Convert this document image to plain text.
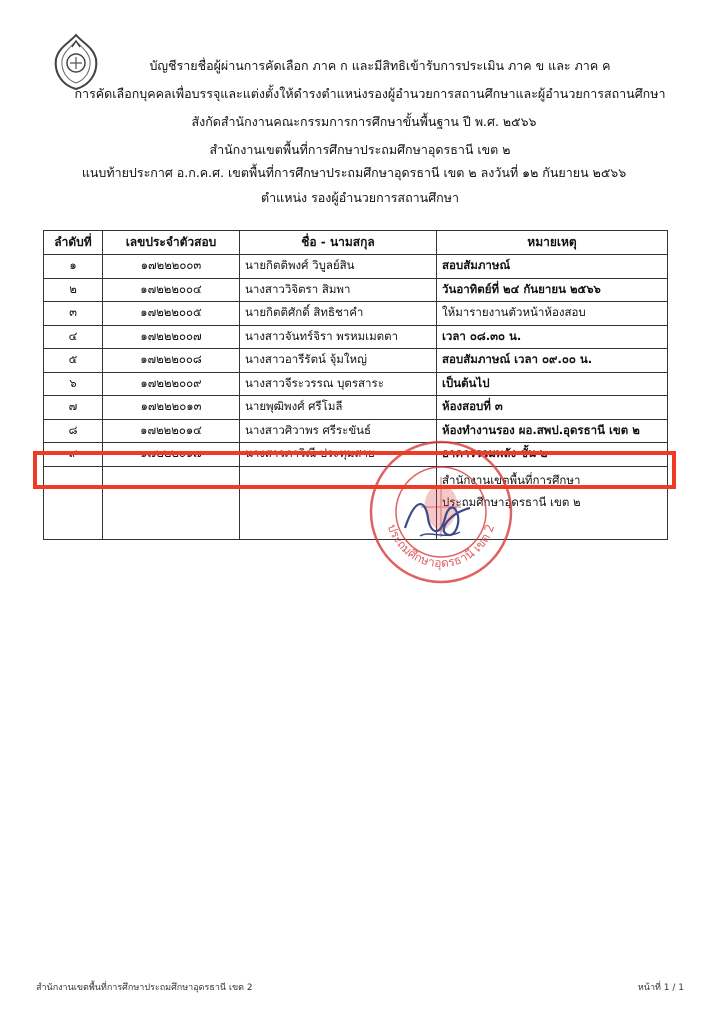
บัญชีรายชื่อผู้ผ่านการคัดเลือก ภาค ก และมีสิทธิเข้ารับการประเมิน ภาค ข และ ภาค ค
การคัดเลือกบุคคลเพื่อบรรจุและแต่งตั้งให้ดำรงตำแหน่งรองผู้อำนวยการสถานศึกษาและผู้อำนวยการสถานศึกษา
สังกัดสำนักงานคณะกรรมการการศึกษาขั้นพื้นฐาน ปี พ.ศ. ๒๕๖๖
สำนักงานเขตพื้นที่การศึกษาประถมศึกษาอุดรธานี เขต ๒
แนบท้ายประกาศ อ.ก.ค.ศ. เขตพื้นที่การศึกษาประถมศึกษาอุดรธานี เขต ๒ ลงวันที่ ๑๒ กันยายน ๒๕๖๖
ตำแหน่ง รองผู้อำนวยการสถานศึกษา
ลำดับที่	เลขประจำตัวสอบ	ชื่อ - นามสกุล	หมายเหตุ
๑	๑๗๒๒๒๐๐๓	นายกิตติพงศ์ วิบูลย์สิน	สอบสัมภาษณ์
๒	๑๗๒๒๒๐๐๔	นางสาววิจิตรา สิมพา	วันอาทิตย์ที่ ๒๔ กันยายน ๒๕๖๖
๓	๑๗๒๒๒๐๐๕	นายกิตติศักดิ์ สิทธิชาคำ	ให้มารายงานตัวหน้าห้องสอบ
๔	๑๗๒๒๒๐๐๗	นางสาวจันทร์จิรา พรหมเมตตา	เวลา ๐๘.๓๐ น.
๕	๑๗๒๒๒๐๐๘	นางสาวอารีรัตน์ จุ้มใหญ่	สอบสัมภาษณ์ เวลา ๐๙.๐๐ น.
๖	๑๗๒๒๒๐๐๙	นางสาวจีระวรรณ บุตรสาระ	เป็นต้นไป
๗	๑๗๒๒๒๐๑๓	นายพุฒิพงศ์ ศรีโมลี	ห้องสอบที่ ๓
๘	๑๗๒๒๒๐๑๔	นางสาวศิวาพร ศรีระขันธ์	ห้องทำงานรอง ผอ.สพป.อุดรธานี เขต ๒
๙	๑๗๒๒๒๐๑๗	นางสาวภาวิณี ประทุมสาย	อาคารรวมพลัง ชั้น ๒
			สำนักงานเขตพื้นที่การศึกษา
ประถมศึกษาอุดรธานี เขต ๒
ประถมศึกษาอุดรธานี เขต 2
สำนักงานเขตพื้นที่การศึกษาประถมศึกษาอุดรธานี เขต 2	หน้าที่ 1 / 1
